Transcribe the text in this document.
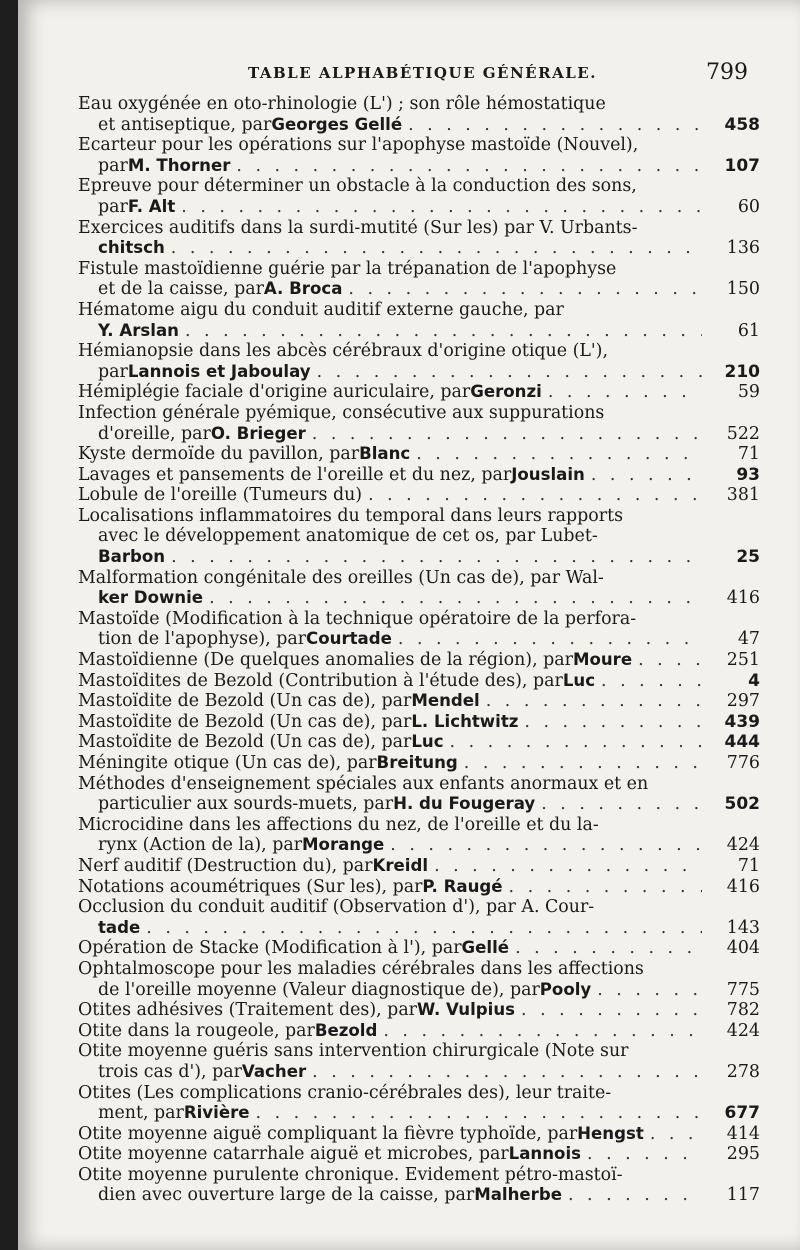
TABLE ALPHABÉTIQUE GÉNÉRALE.	799
Eau oxygénée en oto-rhinologie (L') ; son rôle hémostatique
et antiseptique, par Georges Gellé . . .	458
Ecarteur pour les opérations sur l'apophyse mastoïde (Nouvel),
par M. Thorner . . .	107
Epreuve pour déterminer un obstacle à la conduction des sons,
par F. Alt . . .	60
Exercices auditifs dans la surdi-mutité (Sur les) par V. Urbants-
chitsch . . .	136
Fistule mastoïdienne guérie par la trépanation de l'apophyse
et de la caisse, par A. Broca . . .	150
Hématome aigu du conduit auditif externe gauche, par
Y. Arslan . . .	61
Hémianopsie dans les abcès cérébraux d'origine otique (L'),
par Lannois et Jaboulay . . .	210
Hémiplégie faciale d'origine auriculaire, par Geronzi . . .	59
Infection générale pyémique, consécutive aux suppurations
d'oreille, par O. Brieger . . .	522
Kyste dermoïde du pavillon, par Blanc . . .	71
Lavages et pansements de l'oreille et du nez, par Jouslain . . .	93
Lobule de l'oreille (Tumeurs du) . . .	381
Localisations inflammatoires du temporal dans leurs rapports
avec le développement anatomique de cet os, par Lubet-
Barbon . . .	25
Malformation congénitale des oreilles (Un cas de), par Wal-
ker Downie . . .	416
Mastoïde (Modification à la technique opératoire de la perfora-
tion de l'apophyse), par Courtade . . .	47
Mastoïdienne (De quelques anomalies de la région), par Moure . . .	251
Mastoïdites de Bezold (Contribution à l'étude des), par Luc . . .	4
Mastoïdite de Bezold (Un cas de), par Mendel . . .	297
Mastoïdite de Bezold (Un cas de), par L. Lichtwitz . . .	439
Mastoïdite de Bezold (Un cas de), par Luc . . .	444
Méningite otique (Un cas de), par Breitung . . .	776
Méthodes d'enseignement spéciales aux enfants anormaux et en
particulier aux sourds-muets, par H. du Fougeray . . .	502
Microcidine dans les affections du nez, de l'oreille et du la-
rynx (Action de la), par Morange . . .	424
Nerf auditif (Destruction du), par Kreidl . . .	71
Notations acoumétriques (Sur les), par P. Raugé . . .	416
Occlusion du conduit auditif (Observation d'), par A. Cour-
tade . . .	143
Opération de Stacke (Modification à l'), par Gellé . . .	404
Ophtalmoscope pour les maladies cérébrales dans les affections
de l'oreille moyenne (Valeur diagnostique de), par Pooly . . .	775
Otites adhésives (Traitement des), par W. Vulpius . . .	782
Otite dans la rougeole, par Bezold . . .	424
Otite moyenne guéris sans intervention chirurgicale (Note sur
trois cas d'), par Vacher . . .	278
Otites (Les complications cranio-cérébrales des), leur traite-
ment, par Rivière . . .	677
Otite moyenne aiguë compliquant la fièvre typhoïde, par Hengst . . .	414
Otite moyenne catarrhale aiguë et microbes, par Lannois . . .	295
Otite moyenne purulente chronique. Evidement pétro-mastoï-
dien avec ouverture large de la caisse, par Malherbe . . .	117
